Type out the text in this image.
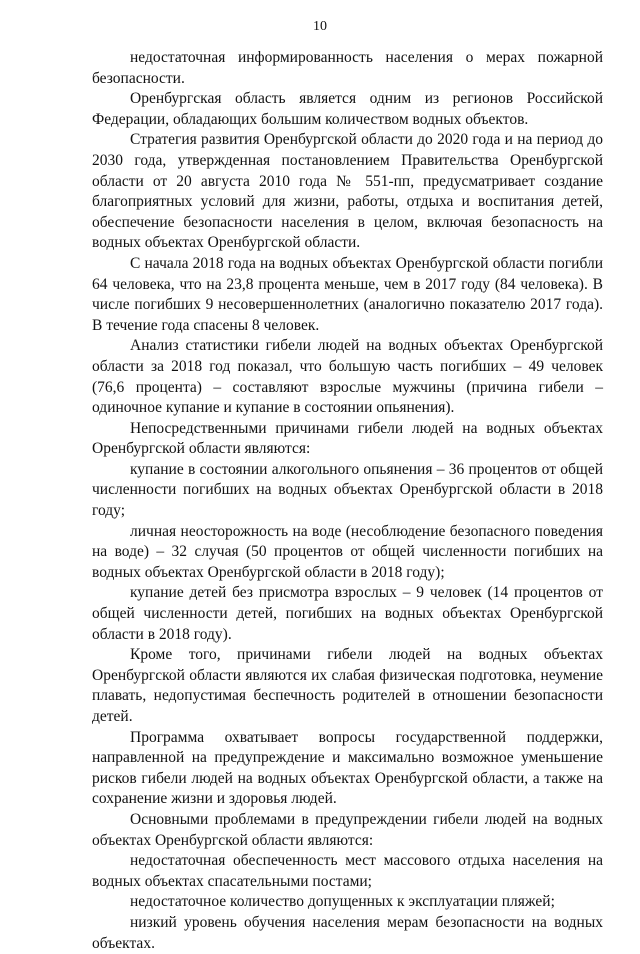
10

недостаточная информированность населения о мерах пожарной безопасности.

Оренбургская область является одним из регионов Российской Федерации, обладающих большим количеством водных объектов.

Стратегия развития Оренбургской области до 2020 года и на период до 2030 года, утвержденная постановлением Правительства Оренбургской области от 20 августа 2010 года № 551-пп, предусматривает создание благоприятных условий для жизни, работы, отдыха и воспитания детей, обеспечение безопасности населения в целом, включая безопасность на водных объектах Оренбургской области.

С начала 2018 года на водных объектах Оренбургской области погибли 64 человека, что на 23,8 процента меньше, чем в 2017 году (84 человека). В числе погибших 9 несовершеннолетних (аналогично показателю 2017 года). В течение года спасены 8 человек.

Анализ статистики гибели людей на водных объектах Оренбургской области за 2018 год показал, что большую часть погибших – 49 человек (76,6 процента) – составляют взрослые мужчины (причина гибели – одиночное купание и купание в состоянии опьянения).

Непосредственными причинами гибели людей на водных объектах Оренбургской области являются:

купание в состоянии алкогольного опьянения – 36 процентов от общей численности погибших на водных объектах Оренбургской области в 2018 году;

личная неосторожность на воде (несоблюдение безопасного поведения на воде) – 32 случая (50 процентов от общей численности погибших на водных объектах Оренбургской области в 2018 году);

купание детей без присмотра взрослых – 9 человек (14 процентов от общей численности детей, погибших на водных объектах Оренбургской области в 2018 году).

Кроме того, причинами гибели людей на водных объектах Оренбургской области являются их слабая физическая подготовка, неумение плавать, недопустимая беспечность родителей в отношении безопасности детей.

Программа охватывает вопросы государственной поддержки, направленной на предупреждение и максимально возможное уменьшение рисков гибели людей на водных объектах Оренбургской области, а также на сохранение жизни и здоровья людей.

Основными проблемами в предупреждении гибели людей на водных объектах Оренбургской области являются:

недостаточная обеспеченность мест массового отдыха населения на водных объектах спасательными постами;

недостаточное количество допущенных к эксплуатации пляжей;

низкий уровень обучения населения мерам безопасности на водных объектах.
